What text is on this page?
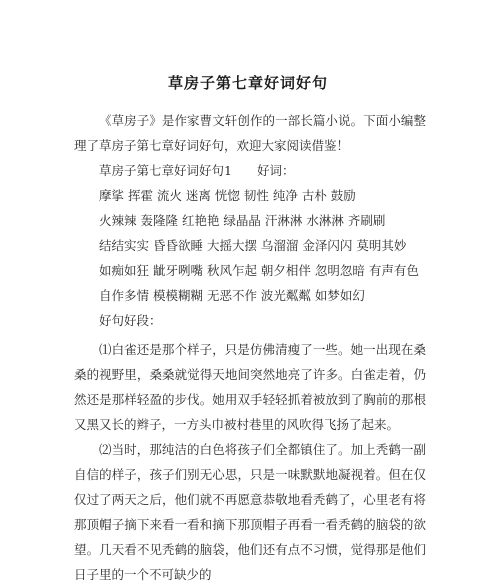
草房子第七章好词好句

《草房子》是作家曹文轩创作的一部长篇小说。下面小编整理了草房子第七章好词好句，欢迎大家阅读借鉴！

草房子第七章好词好句1　　好词：
摩挲 挥霍 流火 迷离 恍惚 韧性 纯净 古朴 鼓励
火辣辣 轰隆隆 红艳艳 绿晶晶 汗淋淋 水淋淋 齐刷刷
结结实实 昏昏欲睡 大摇大摆 乌溜溜 金泽闪闪 莫明其妙
如痴如狂 龇牙咧嘴 秋风乍起 朝夕相伴 忽明忽暗 有声有色
自作多情 模模糊糊 无恶不作 波光粼粼 如梦如幻
好句好段：

⑴白雀还是那个样子，只是仿佛清瘦了一些。她一出现在桑桑的视野里，桑桑就觉得天地间突然地亮了许多。白雀走着，仍然还是那样轻盈的步伐。她用双手轻轻抓着被放到了胸前的那根又黑又长的辫子，一方头巾被村巷里的风吹得飞扬了起来。

⑵当时，那纯洁的白色将孩子们全都镇住了。加上秃鹤一副自信的样子，孩子们别无心思，只是一味默默地凝视着。但在仅仅过了两天之后，他们就不再愿意恭敬地看秃鹤了，心里老有将那顶帽子摘下来看一看和摘下那顶帽子再看一看秃鹤的脑袋的欲望。几天看不见秃鹤的脑袋，他们还有点不习惯，觉得那是他们日子里的一个不可缺少的
